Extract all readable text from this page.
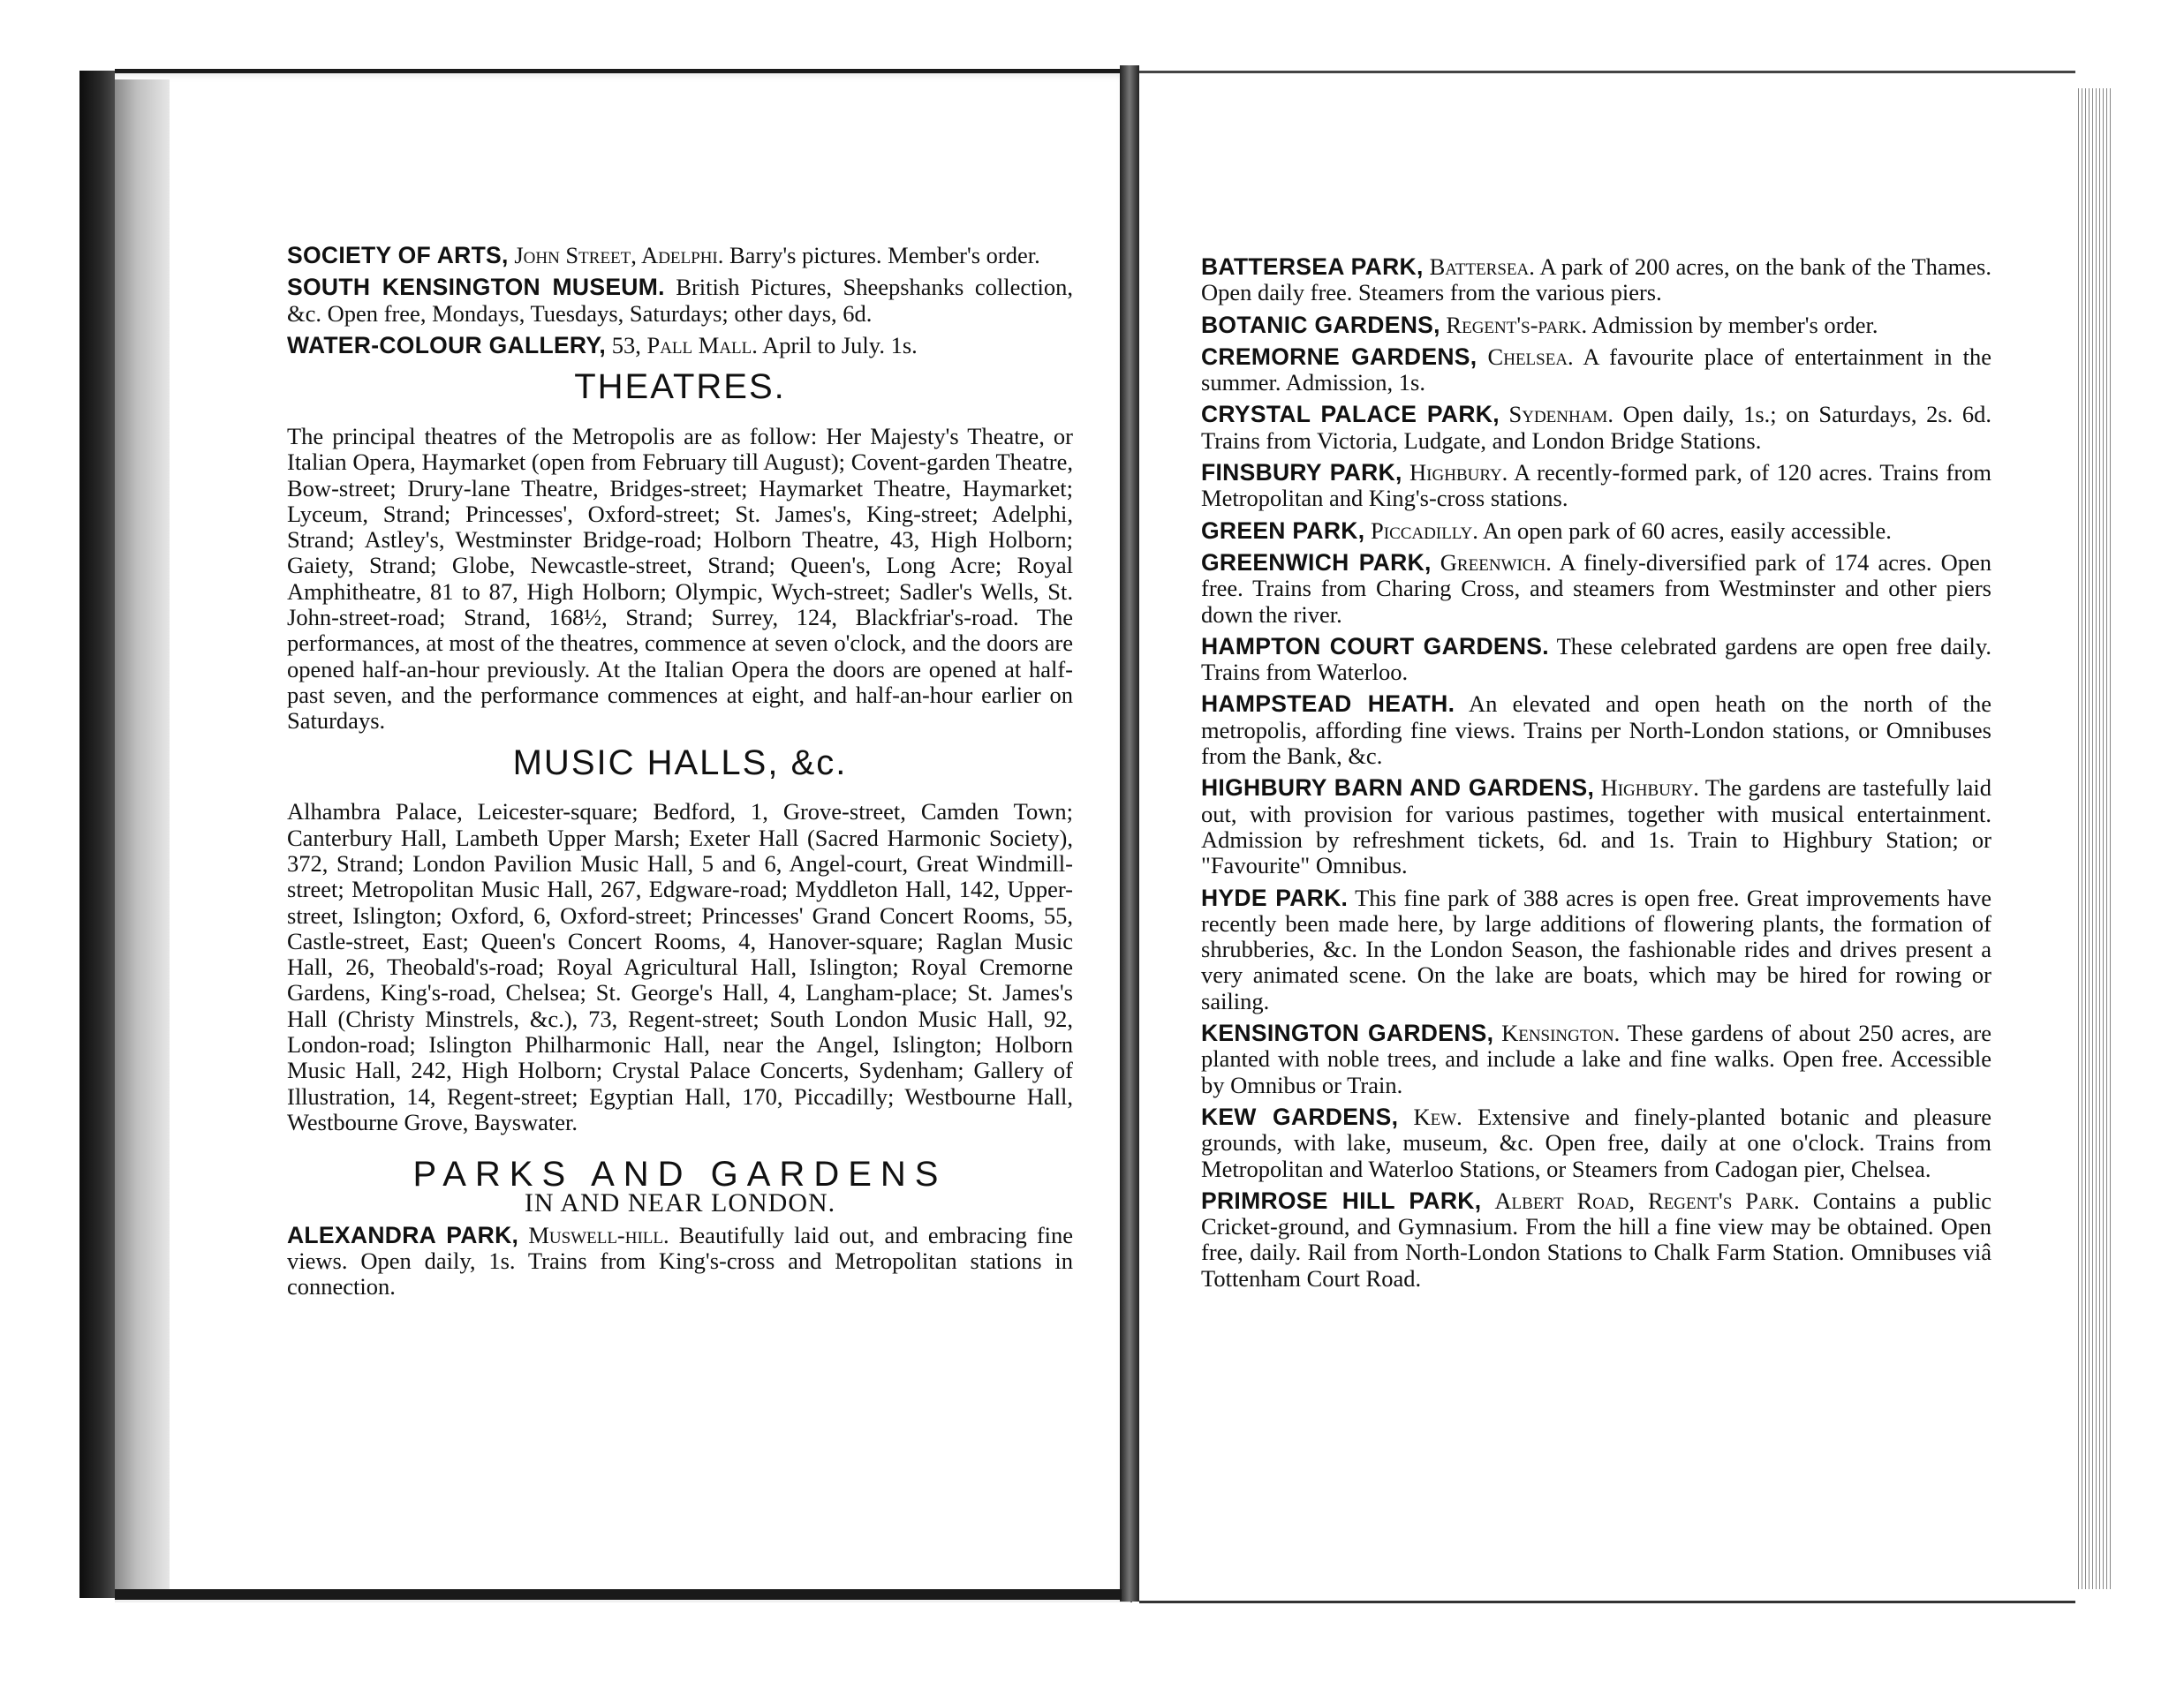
SOCIETY OF ARTS, John Street, Adelphi. Barry's pictures. Member's order.

SOUTH KENSINGTON MUSEUM. British Pictures, Sheepshanks collection, &c. Open free, Mondays, Tuesdays, Saturdays; other days, 6d.

WATER-COLOUR GALLERY, 53, Pall Mall. April to July. 1s.

THEATRES.

The principal theatres of the Metropolis are as follow: Her Majesty's Theatre, or Italian Opera, Haymarket (open from February till August); Covent-garden Theatre, Bow-street; Drury-lane Theatre, Bridges-street; Haymarket Theatre, Haymarket; Lyceum, Strand; Princesses', Oxford-street; St. James's, King-street; Adelphi, Strand; Astley's, Westminster Bridge-road; Holborn Theatre, 43, High Holborn; Gaiety, Strand; Globe, Newcastle-street, Strand; Queen's, Long Acre; Royal Amphitheatre, 81 to 87, High Holborn; Olympic, Wych-street; Sadler's Wells, St. John-street-road; Strand, 168½, Strand; Surrey, 124, Blackfriar's-road. The performances, at most of the theatres, commence at seven o'clock, and the doors are opened half-an-hour previously. At the Italian Opera the doors are opened at half-past seven, and the performance commences at eight, and half-an-hour earlier on Saturdays.

MUSIC HALLS, &c.

Alhambra Palace, Leicester-square; Bedford, 1, Grove-street, Camden Town; Canterbury Hall, Lambeth Upper Marsh; Exeter Hall (Sacred Harmonic Society), 372, Strand; London Pavilion Music Hall, 5 and 6, Angel-court, Great Windmill-street; Metropolitan Music Hall, 267, Edgware-road; Myddleton Hall, 142, Upper-street, Islington; Oxford, 6, Oxford-street; Princesses' Grand Concert Rooms, 55, Castle-street, East; Queen's Concert Rooms, 4, Hanover-square; Raglan Music Hall, 26, Theobald's-road; Royal Agricultural Hall, Islington; Royal Cremorne Gardens, King's-road, Chelsea; St. George's Hall, 4, Langham-place; St. James's Hall (Christy Minstrels, &c.), 73, Regent-street; South London Music Hall, 92, London-road; Islington Philharmonic Hall, near the Angel, Islington; Holborn Music Hall, 242, High Holborn; Crystal Palace Concerts, Sydenham; Gallery of Illustration, 14, Regent-street; Egyptian Hall, 170, Piccadilly; Westbourne Hall, Westbourne Grove, Bayswater.

PARKS AND GARDENS
IN AND NEAR LONDON.

ALEXANDRA PARK, Muswell-hill. Beautifully laid out, and embracing fine views. Open daily, 1s. Trains from King's-cross and Metropolitan stations in connection.

BATTERSEA PARK, Battersea. A park of 200 acres, on the bank of the Thames. Open daily free. Steamers from the various piers.

BOTANIC GARDENS, Regent's-park. Admission by member's order.

CREMORNE GARDENS, Chelsea. A favourite place of entertainment in the summer. Admission, 1s.

CRYSTAL PALACE PARK, Sydenham. Open daily, 1s.; on Saturdays, 2s. 6d. Trains from Victoria, Ludgate, and London Bridge Stations.

FINSBURY PARK, Highbury. A recently-formed park, of 120 acres. Trains from Metropolitan and King's-cross stations.

GREEN PARK, Piccadilly. An open park of 60 acres, easily accessible.

GREENWICH PARK, Greenwich. A finely-diversified park of 174 acres. Open free. Trains from Charing Cross, and steamers from Westminster and other piers down the river.

HAMPTON COURT GARDENS. These celebrated gardens are open free daily. Trains from Waterloo.

HAMPSTEAD HEATH. An elevated and open heath on the north of the metropolis, affording fine views. Trains per North-London stations, or Omnibuses from the Bank, &c.

HIGHBURY BARN AND GARDENS, Highbury. The gardens are tastefully laid out, with provision for various pastimes, together with musical entertainment. Admission by refreshment tickets, 6d. and 1s. Train to Highbury Station; or "Favourite" Omnibus.

HYDE PARK. This fine park of 388 acres is open free. Great improvements have recently been made here, by large additions of flowering plants, the formation of shrubberies, &c. In the London Season, the fashionable rides and drives present a very animated scene. On the lake are boats, which may be hired for rowing or sailing.

KENSINGTON GARDENS, Kensington. These gardens of about 250 acres, are planted with noble trees, and include a lake and fine walks. Open free. Accessible by Omnibus or Train.

KEW GARDENS, Kew. Extensive and finely-planted botanic and pleasure grounds, with lake, museum, &c. Open free, daily at one o'clock. Trains from Metropolitan and Waterloo Stations, or Steamers from Cadogan pier, Chelsea.

PRIMROSE HILL PARK, Albert Road, Regent's Park. Contains a public Cricket-ground, and Gymnasium. From the hill a fine view may be obtained. Open free, daily. Rail from North-London Stations to Chalk Farm Station. Omnibuses viâ Tottenham Court Road.
